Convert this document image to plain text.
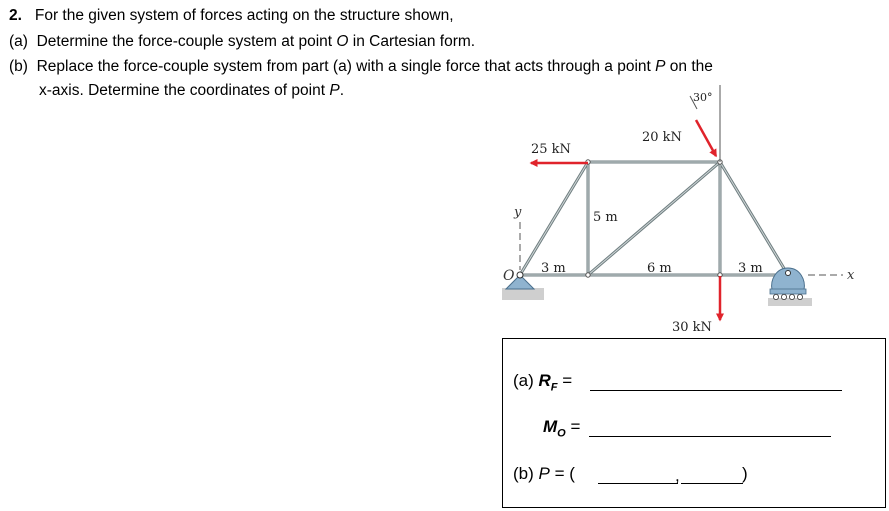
2. For the given system of forces acting on the structure shown,
(a) Determine the force-couple system at point O in Cartesian form.
(b) Replace the force-couple system from part (a) with a single force that acts through a point P on the
x-axis. Determine the coordinates of point P.
y
x
O
25 kN
20 kN
30°
30 kN
5 m
3 m	6 m	3 m
(a) $R_F$ =
$M_O$ =
(b) P = (	,	)
